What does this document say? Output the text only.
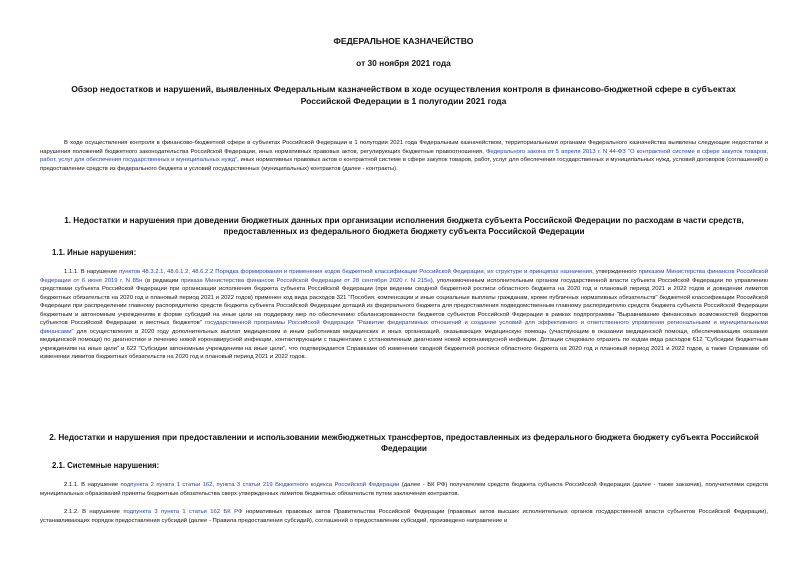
ФЕДЕРАЛЬНОЕ КАЗНАЧЕЙСТВО
от 30 ноября 2021 года
Обзор недостатков и нарушений, выявленных Федеральным казначейством в ходе осуществления контроля в финансово-бюджетной сфере в субъектах Российской Федерации в 1 полугодии 2021 года
В ходе осуществления контроля в финансово-бюджетной сфере в субъектах Российской Федерации в 1 полугодии 2021 года Федеральным казначейством, территориальными органами Федерального казначейства выявлены следующие недостатки и нарушения положений бюджетного законодательства Российской Федерации, иных нормативных правовых актов, регулирующих бюджетные правоотношения, Федерального закона от 5 апреля 2013 г. N 44-ФЗ "О контрактной системе в сфере закупок товаров, работ, услуг для обеспечения государственных и муниципальных нужд", иных нормативных правовых актов о контрактной системе в сфере закупок товаров, работ, услуг для обеспечения государственных и муниципальных нужд, условий договоров (соглашений) о предоставлении средств из федерального бюджета и условий государственных (муниципальных) контрактов (далее - контракты).
1. Недостатки и нарушения при доведении бюджетных данных при организации исполнения бюджета субъекта Российской Федерации по расходам в части средств, предоставленных из федерального бюджета бюджету субъекта Российской Федерации
1.1. Иные нарушения:
1.1.1. В нарушение пунктов 48.3.2.1, 48.6.1.2, 48.6.2.2 Порядка формирования и применения кодов бюджетной классификации Российской Федерации, их структуре и принципах назначения, утвержденного приказом Министерства финансов Российской Федерации от 6 июня 2019 г. N 85н (в редакции приказа Министерства финансов Российской Федерации от 28 сентября 2020 г. N 215н), уполномоченным исполнительным органом государственной власти субъекта Российской Федерации по управлению средствами субъекта Российской Федерации при организации исполнения бюджета субъекта Российской Федерации (при ведении сводной бюджетной росписи областного бюджета на 2020 год и плановый период 2021 и 2022 годов и доведении лимитов бюджетных обязательств на 2020 год и плановый период 2021 и 2022 годов) применен код вида расходов 321 "Пособия, компенсации и иные социальные выплаты гражданам, кроме публичных нормативных обязательств" бюджетной классификации Российской Федерации при распределении главному распорядителю средств бюджета субъекта Российской Федерации дотаций из федерального бюджета для предоставления подведомственным главному распорядителю средств бюджета субъекта Российской Федерации бюджетным и автономным учреждениям в форме субсидий на иные цели на поддержку мер по обеспечению сбалансированности бюджетов субъектов Российской Федерации в рамках подпрограммы "Выравнивание финансовых возможностей бюджетов субъектов Российской Федерации и местных бюджетов" государственной программы Российской Федерации "Развитие федеративных отношений и создание условий для эффективного и ответственного управления региональными и муниципальными финансами" для осуществления в 2020 году дополнительных выплат медицинским и иным работникам медицинских и иных организаций, оказывающих медицинскую помощь (участвующим в оказании медицинской помощи, обеспечивающим оказание медицинской помощи) по диагностике и лечению новой коронавирусной инфекции, контактирующим с пациентами с установленным диагнозом новой коронавирусной инфекции. Дотации следовало отразить по кодам вида расходов 612 "Субсидии бюджетным учреждениям на иные цели" и 622 "Субсидии автономным учреждениям на иные цели", что подтверждается Справками об изменении сводной бюджетной росписи областного бюджета на 2020 год и плановый период 2021 и 2022 годов, а также Справками об изменении лимитов бюджетных обязательств на 2020 год и плановый период 2021 и 2022 годов.
2. Недостатки и нарушения при предоставлении и использовании межбюджетных трансфертов, предоставленных из федерального бюджета бюджету субъекта Российской Федерации
2.1. Системные нарушения:
2.1.1. В нарушение подпункта 2 пункта 1 статьи 162, пункта 3 статьи 219 Бюджетного кодекса Российской Федерации (далее - БК РФ) получателем средств бюджета субъекта Российской Федерации (далее - также заказчик), получателями средств муниципальных образований приняты бюджетные обязательства сверх утвержденных лимитов бюджетных обязательств путем заключения контрактов.
2.1.2. В нарушение подпункта 3 пункта 1 статьи 162 БК РФ нормативных правовых актов Правительства Российской Федерации (правовых актов высших исполнительных органов государственной власти субъектов Российской Федерации), устанавливающих порядок предоставления субсидий (далее - Правила предоставления субсидий), соглашений о предоставлении субсидий, произведено направление и
